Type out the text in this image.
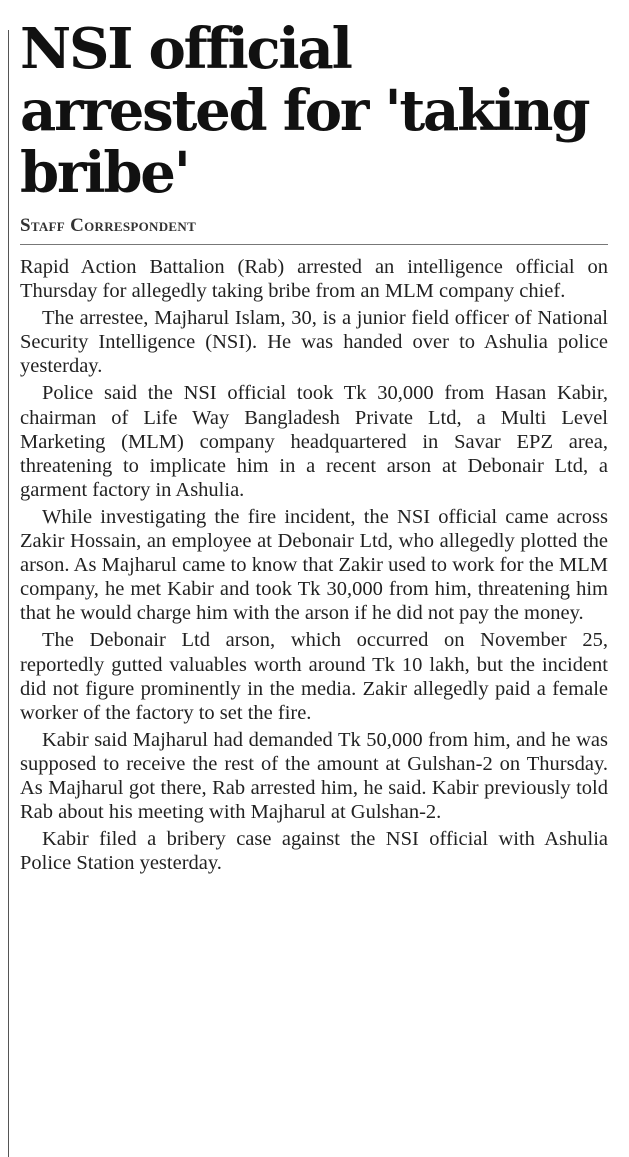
NSI official arrested for 'taking bribe'
Staff Correspondent

Rapid Action Battalion (Rab) arrested an intelligence official on Thursday for allegedly taking bribe from an MLM company chief.

The arrestee, Majharul Islam, 30, is a junior field officer of National Security Intelligence (NSI). He was handed over to Ashulia police yesterday.

Police said the NSI official took Tk 30,000 from Hasan Kabir, chairman of Life Way Bangladesh Private Ltd, a Multi Level Marketing (MLM) company headquartered in Savar EPZ area, threatening to implicate him in a recent arson at Debonair Ltd, a garment factory in Ashulia.

While investigating the fire incident, the NSI official came across Zakir Hossain, an employee at Debonair Ltd, who allegedly plotted the arson. As Majharul came to know that Zakir used to work for the MLM company, he met Kabir and took Tk 30,000 from him, threatening him that he would charge him with the arson if he did not pay the money.

The Debonair Ltd arson, which occurred on November 25, reportedly gutted valuables worth around Tk 10 lakh, but the incident did not figure prominently in the media. Zakir allegedly paid a female worker of the factory to set the fire.

Kabir said Majharul had demanded Tk 50,000 from him, and he was supposed to receive the rest of the amount at Gulshan-2 on Thursday. As Majharul got there, Rab arrested him, he said. Kabir previously told Rab about his meeting with Majharul at Gulshan-2.

Kabir filed a bribery case against the NSI official with Ashulia Police Station yesterday.
